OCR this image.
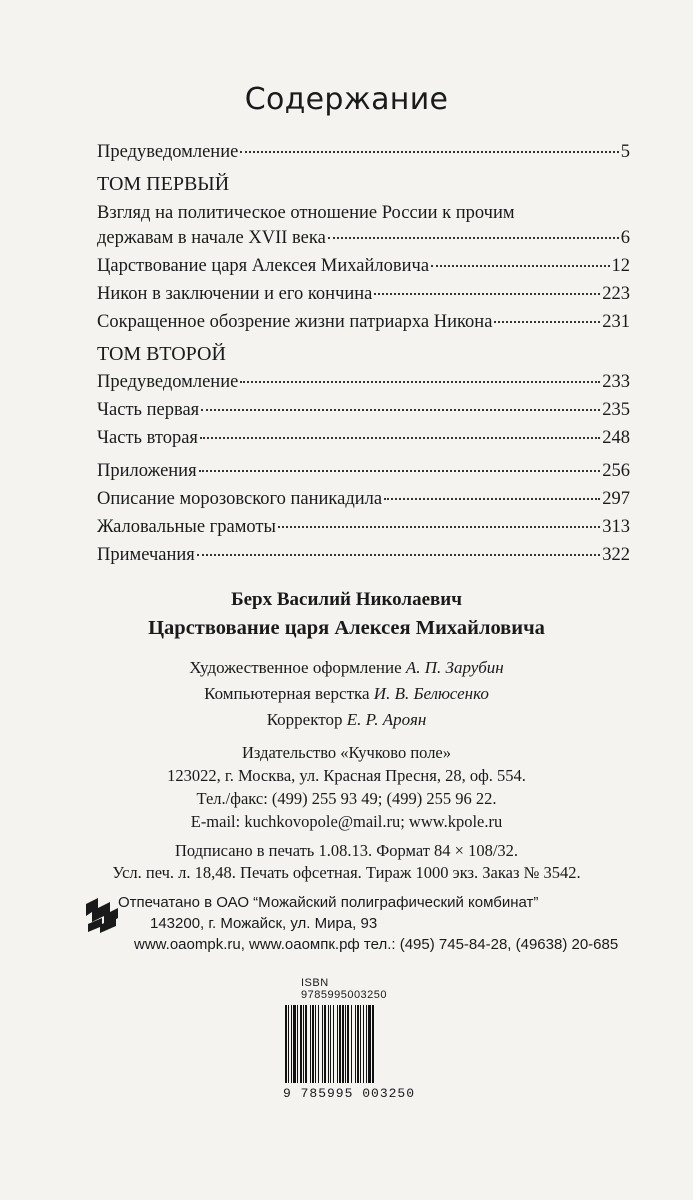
Содержание
Предуведомление	5
ТОМ ПЕРВЫЙ
Взгляд на политическое отношение России к прочим
державам в начале XVII века	6
Царствование царя Алексея Михайловича	12
Никон в заключении и его кончина	223
Сокращенное обозрение жизни патриарха Никона	231
ТОМ ВТОРОЙ
Предуведомление	233
Часть первая	235
Часть вторая	248
Приложения	256
Описание морозовского паникадила	297
Жаловальные грамоты	313
Примечания	322
Берх Василий Николаевич
Царствование царя Алексея Михайловича
Художественное оформление А. П. Зарубин
Компьютерная верстка И. В. Белюсенко
Корректор Е. Р. Ароян
Издательство «Кучково поле»
123022, г. Москва, ул. Красная Пресня, 28, оф. 554.
Тел./факс: (499) 255 93 49; (499) 255 96 22.
E-mail: kuchkovopole@mail.ru; www.kpole.ru
Подписано в печать 1.08.13. Формат 84 × 108/32.
Усл. печ. л. 18,48. Печать офсетная. Тираж 1000 экз. Заказ № 3542.
Отпечатано в ОАО “Можайский полиграфический комбинат”
143200, г. Можайск, ул. Мира, 93
www.oaompk.ru, www.оаомпк.рф тел.: (495) 745-84-28, (49638) 20-685
ISBN 9785995003250
9 785995 003250
